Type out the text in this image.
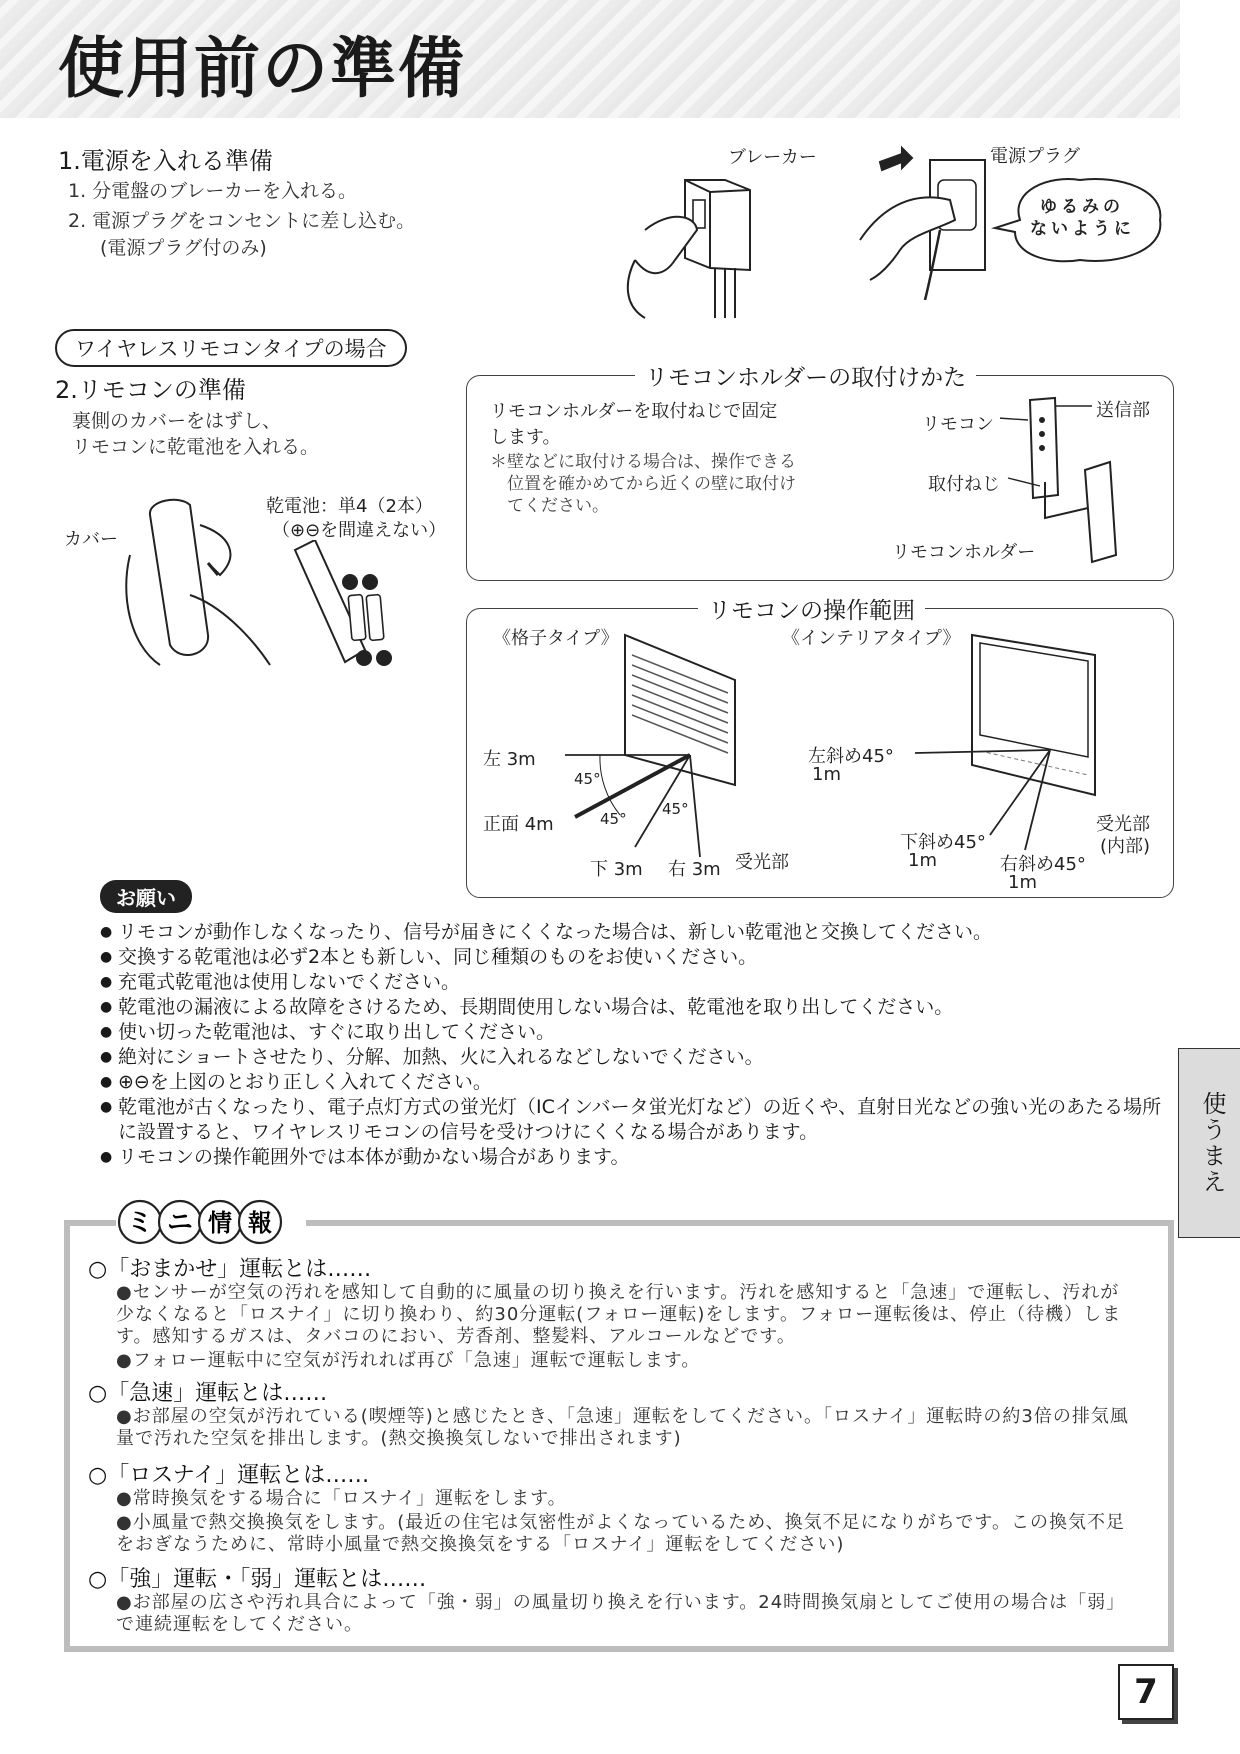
使用前の準備
1.電源を入れる準備

1. 分電盤のブレーカーを入れる。

2. 電源プラグをコンセントに差し込む。

(電源プラグ付のみ)

ブレーカー	電源プラグ
ゆるみの
ないように
ワイヤレスリモコンタイプの場合
2.リモコンの準備

裏側のカバーをはずし、

リモコンに乾電池を入れる。

カバー
乾電池：単4（2本）
（⊕⊖を間違えない）
リモコンホルダーの取付けかた

リモコンホルダーを取付ねじで固定

します。

＊壁などに取付ける場合は、操作できる

位置を確かめてから近くの壁に取付け

てください。

送信部
リモコン
取付ねじ
リモコンホルダー
リモコンの操作範囲
《格子タイプ》	《インテリアタイプ》
左 3m
正面 4m
下 3m 右 3m 受光部
45°
45°
45°
左斜め45°
1m
下斜め45°
1m	右斜め45°
1m
受光部
(内部)
お願い
● リモコンが動作しなくなったり、信号が届きにくくなった場合は、新しい乾電池と交換してください。
● 交換する乾電池は必ず2本とも新しい、同じ種類のものをお使いください。
● 充電式乾電池は使用しないでください。
● 乾電池の漏液による故障をさけるため、長期間使用しない場合は、乾電池を取り出してください。
● 使い切った乾電池は、すぐに取り出してください。
● 絶対にショートさせたり、分解、加熱、火に入れるなどしないでください。
● ⊕⊖を上図のとおり正しく入れてください。
● 乾電池が古くなったり、電子点灯方式の蛍光灯（ICインバータ蛍光灯など）の近くや、直射日光などの強い光のあたる場所に設置すると、ワイヤレスリモコンの信号を受けつけにくくなる場合があります。
● リモコンの操作範囲外では本体が動かない場合があります。	使うまえ
○「おまかせ」運転とは……
●センサーが空気の汚れを感知して自動的に風量の切り換えを行います。汚れを感知すると「急速」で運転し、汚れが少なくなると「ロスナイ」に切り換わり、約30分運転(フォロー運転)をします。フォロー運転後は、停止（待機）します。感知するガスは、タバコのにおい、芳香剤、整髪料、アルコールなどです。
●フォロー運転中に空気が汚れれば再び「急速」運転で運転します。
○「急速」運転とは……
●お部屋の空気が汚れている(喫煙等)と感じたとき、「急速」運転をしてください。「ロスナイ」運転時の約3倍の排気風量で汚れた空気を排出します。(熱交換換気しないで排出されます)
○「ロスナイ」運転とは……
●常時換気をする場合に「ロスナイ」運転をします。
●小風量で熱交換換気をします。(最近の住宅は気密性がよくなっているため、換気不足になりがちです。この換気不足をおぎなうために、常時小風量で熱交換換気をする「ロスナイ」運転をしてください)
○「強」運転・「弱」運転とは……
●お部屋の広さや汚れ具合によって「強・弱」の風量切り換えを行います。24時間換気扇としてご使用の場合は「弱」で連続運転をしてください。
ミ ニ 情 報
7
